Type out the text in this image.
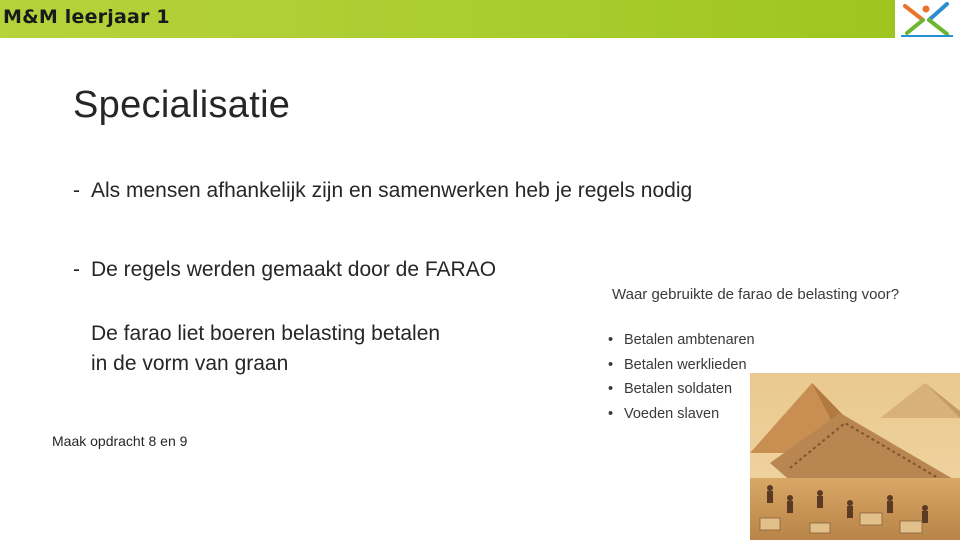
M&M leerjaar 1
Specialisatie
- Als mensen afhankelijk zijn en samenwerken heb je regels nodig
- De regels werden gemaakt door de FARAO
De farao liet boeren belasting betalen
in de vorm van graan
Maak opdracht 8 en 9
Waar gebruikte de farao de belasting voor?
• Betalen ambtenaren
• Betalen werklieden
• Betalen soldaten
• Voeden slaven
